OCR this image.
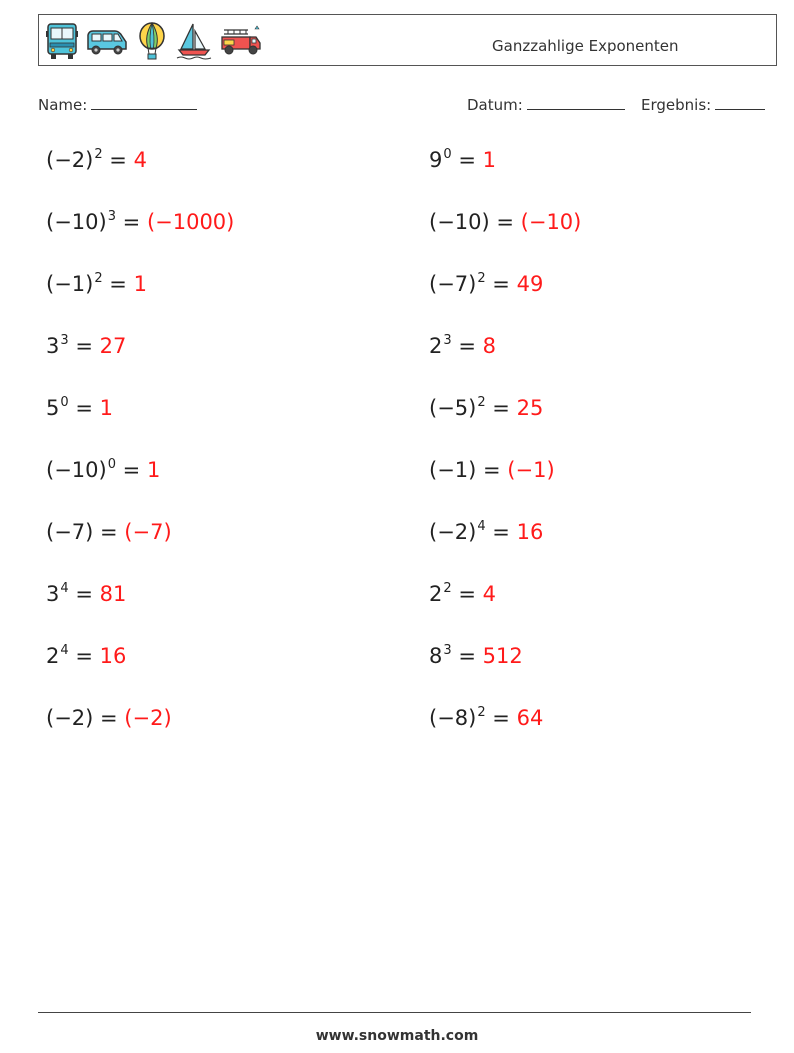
Ganzzahlige Exponenten
Name:	Datum:	Ergebnis:
$(-2)^2 = 4$	$9^0 = 1$
$(-10)^3 = (-1000)$	(−10) = (−10)
$(-1)^2 = 1$	$(-7)^2 = 49$
$3^3 = 27$	$2^3 = 8$
$5^0 = 1$	$(-5)^2 = 25$
$(-10)^0 = 1$	(−1) = (−1)
(−7) = (−7)	$(-2)^4 = 16$
$3^4 = 81$	$2^2 = 4$
$2^4 = 16$	$8^3 = 512$
(−2) = (−2)	$(-8)^2 = 64$
www.snowmath.com
